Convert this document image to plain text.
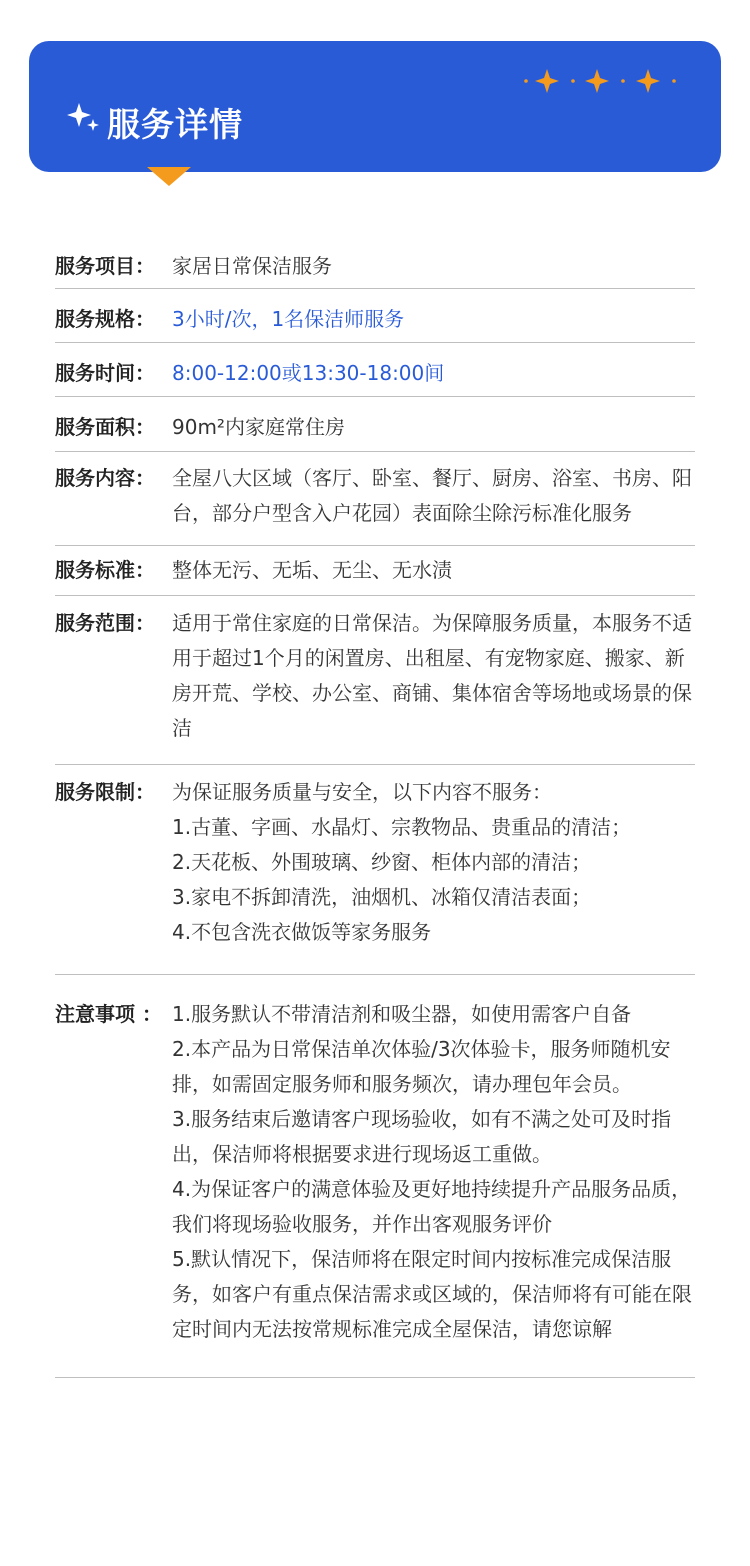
服务详情
服务项目： 家居日常保洁服务
服务规格： 3小时/次，1名保洁师服务
服务时间： 8:00-12:00或13:30-18:00间
服务面积： 90m²内家庭常住房
服务内容： 全屋八大区域（客厅、卧室、餐厅、厨房、浴室、书房、阳台，部分户型含入户花园）表面除尘除污标准化服务
服务标准： 整体无污、无垢、无尘、无水渍
服务范围： 适用于常住家庭的日常保洁。为保障服务质量，本服务不适用于超过1个月的闲置房、出租屋、有宠物家庭、搬家、新房开荒、学校、办公室、商铺、集体宿舍等场地或场景的保洁
服务限制： 为保证服务质量与安全，以下内容不服务：
1.古董、字画、水晶灯、宗教物品、贵重品的清洁；
2.天花板、外围玻璃、纱窗、柜体内部的清洁；
3.家电不拆卸清洗，油烟机、冰箱仅清洁表面；
4.不包含洗衣做饭等家务服务
注意事项 ： 1.服务默认不带清洁剂和吸尘器，如使用需客户自备
2.本产品为日常保洁单次体验/3次体验卡，服务师随机安排，如需固定服务师和服务频次，请办理包年会员。
3.服务结束后邀请客户现场验收，如有不满之处可及时指出，保洁师将根据要求进行现场返工重做。
4.为保证客户的满意体验及更好地持续提升产品服务品质，我们将现场验收服务，并作出客观服务评价
5.默认情况下，保洁师将在限定时间内按标准完成保洁服务，如客户有重点保洁需求或区域的，保洁师将有可能在限定时间内无法按常规标准完成全屋保洁，请您谅解
